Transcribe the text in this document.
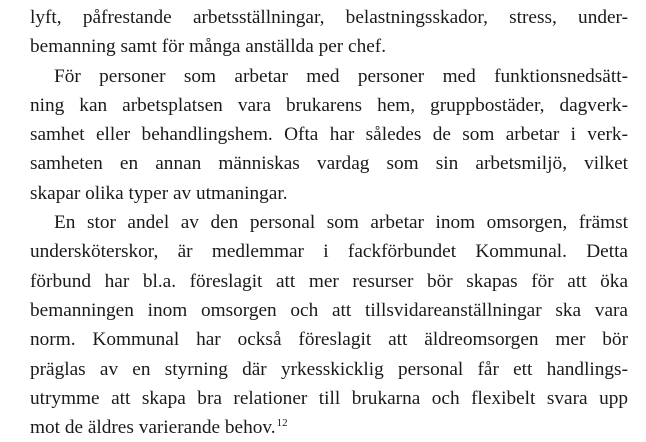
lyft, påfrestande arbetsställningar, belastningsskador, stress, under-
bemanning samt för många anställda per chef.
För personer som arbetar med personer med funktionsnedsätt-
ning kan arbetsplatsen vara brukarens hem, gruppbostäder, dagverk-
samhet eller behandlingshem. Ofta har således de som arbetar i verk-
samheten en annan människas vardag som sin arbetsmiljö, vilket
skapar olika typer av utmaningar.
En stor andel av den personal som arbetar inom omsorgen, främst
undersköterskor, är medlemmar i fackförbundet Kommunal. Detta
förbund har bl.a. föreslagit att mer resurser bör skapas för att öka
bemanningen inom omsorgen och att tillsvidareanställningar ska vara
norm. Kommunal har också föreslagit att äldreomsorgen mer bör
präglas av en styrning där yrkesskicklig personal får ett handlings-
utrymme att skapa bra relationer till brukarna och flexibelt svara upp
mot de äldres varierande behov.$^{12}$
